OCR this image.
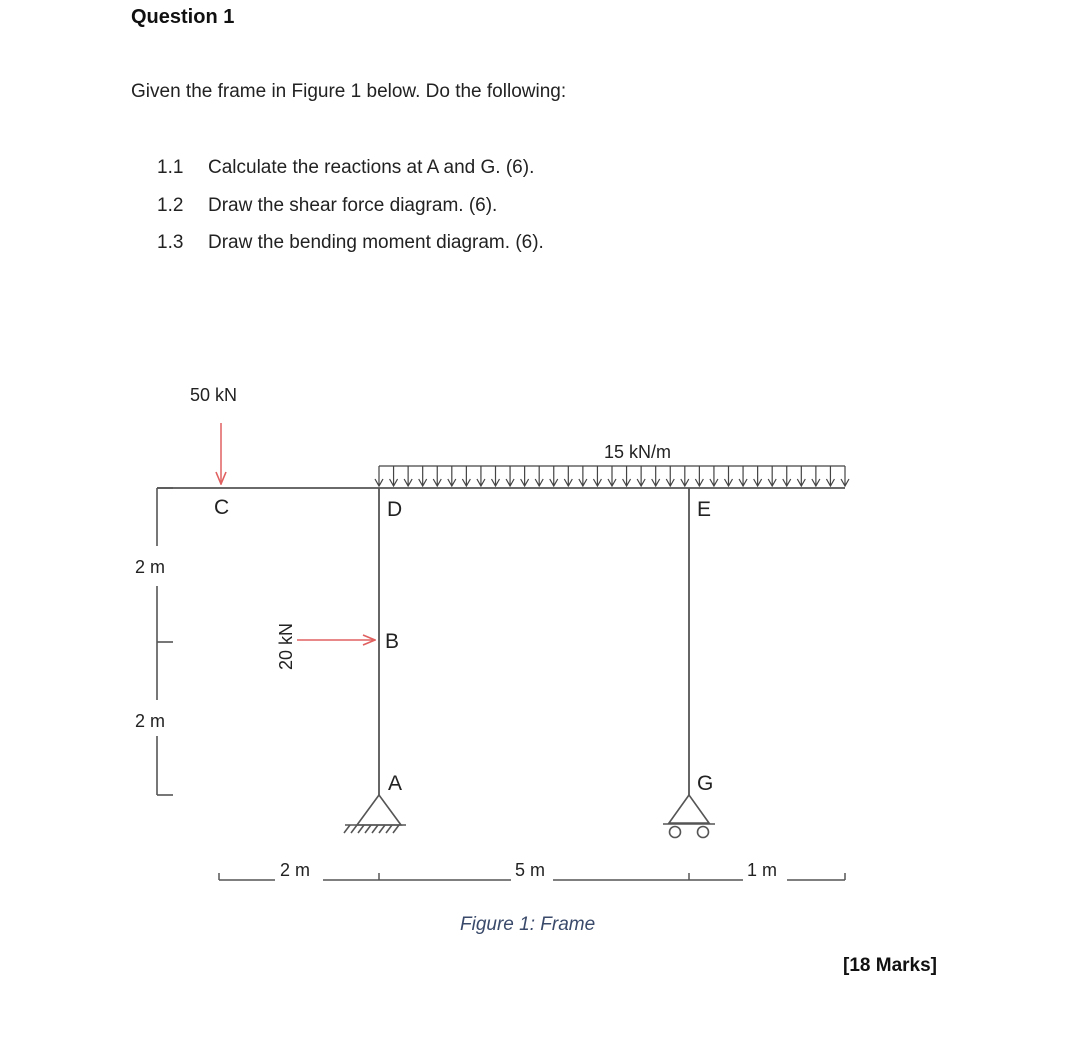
Question 1
Given the frame in Figure 1 below. Do the following:
1.1 Calculate the reactions at A and G. (6).
1.2 Draw the shear force diagram. (6).
1.3 Draw the bending moment diagram. (6).
15 kN/m
50 kN
20 kN
C	D	E
B
A	G
2 m
2 m
2 m	5 m	1 m
Figure 1: Frame
[18 Marks]
